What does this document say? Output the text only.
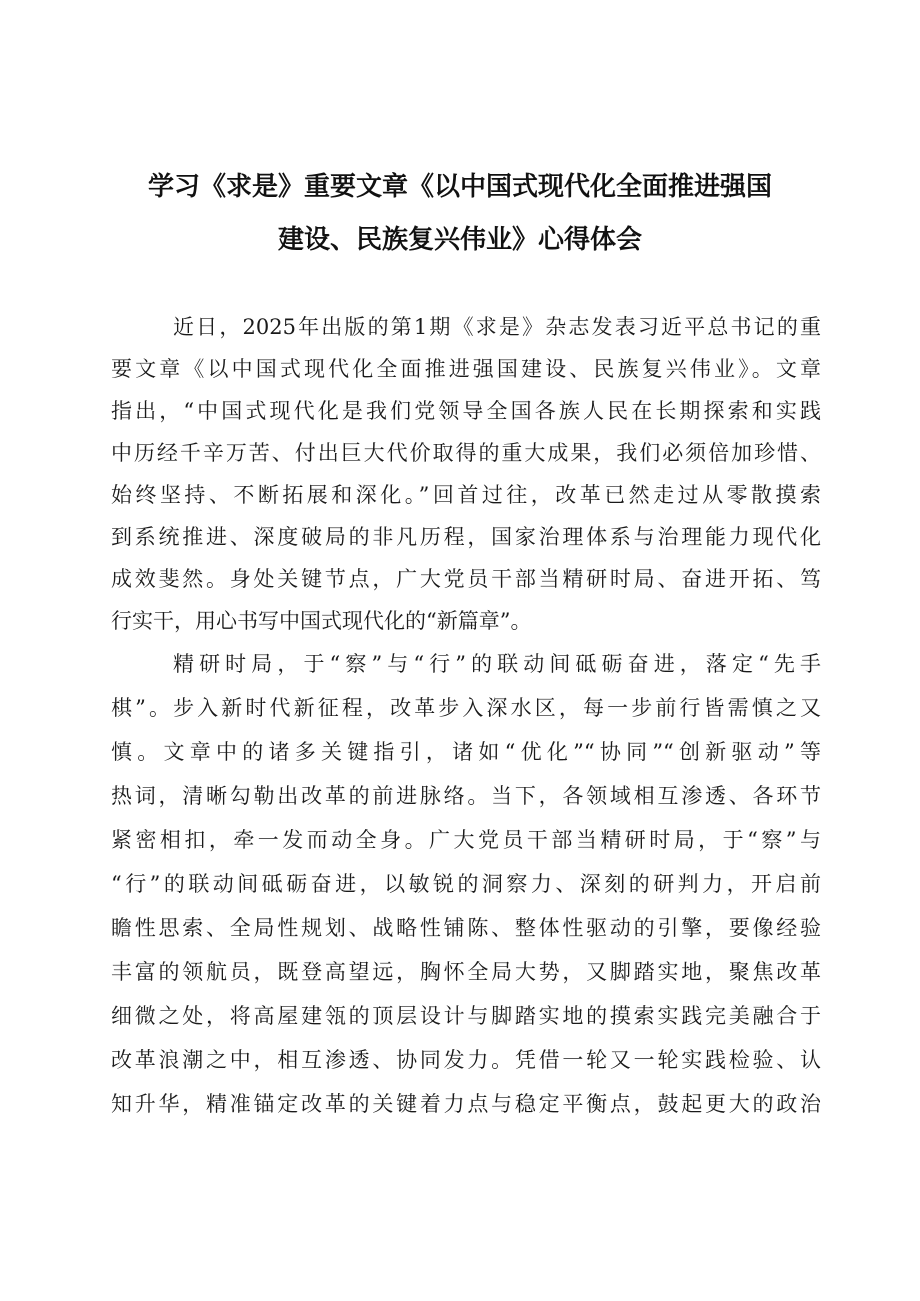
学习《求是》重要文章《以中国式现代化全面推进强国
建设、民族复兴伟业》心得体会
近日，2025年出版的第1期《求是》杂志发表习近平总书记的重
要文章《以中国式现代化全面推进强国建设、民族复兴伟业》。文章
指出，“中国式现代化是我们党领导全国各族人民在长期探索和实践
中历经千辛万苦、付出巨大代价取得的重大成果，我们必须倍加珍惜、
始终坚持、不断拓展和深化。”回首过往，改革已然走过从零散摸索
到系统推进、深度破局的非凡历程，国家治理体系与治理能力现代化
成效斐然。身处关键节点，广大党员干部当精研时局、奋进开拓、笃
行实干，用心书写中国式现代化的“新篇章”。
精研时局，于“察”与“行”的联动间砥砺奋进，落定“先手
棋”。步入新时代新征程，改革步入深水区，每一步前行皆需慎之又
慎。文章中的诸多关键指引，诸如“优化”“协同”“创新驱动”等
热词，清晰勾勒出改革的前进脉络。当下，各领域相互渗透、各环节
紧密相扣，牵一发而动全身。广大党员干部当精研时局，于“察”与
“行”的联动间砥砺奋进，以敏锐的洞察力、深刻的研判力，开启前
瞻性思索、全局性规划、战略性铺陈、整体性驱动的引擎，要像经验
丰富的领航员，既登高望远，胸怀全局大势，又脚踏实地，聚焦改革
细微之处，将高屋建瓴的顶层设计与脚踏实地的摸索实践完美融合于
改革浪潮之中，相互渗透、协同发力。凭借一轮又一轮实践检验、认
知升华，精准锚定改革的关键着力点与稳定平衡点，鼓起更大的政治
